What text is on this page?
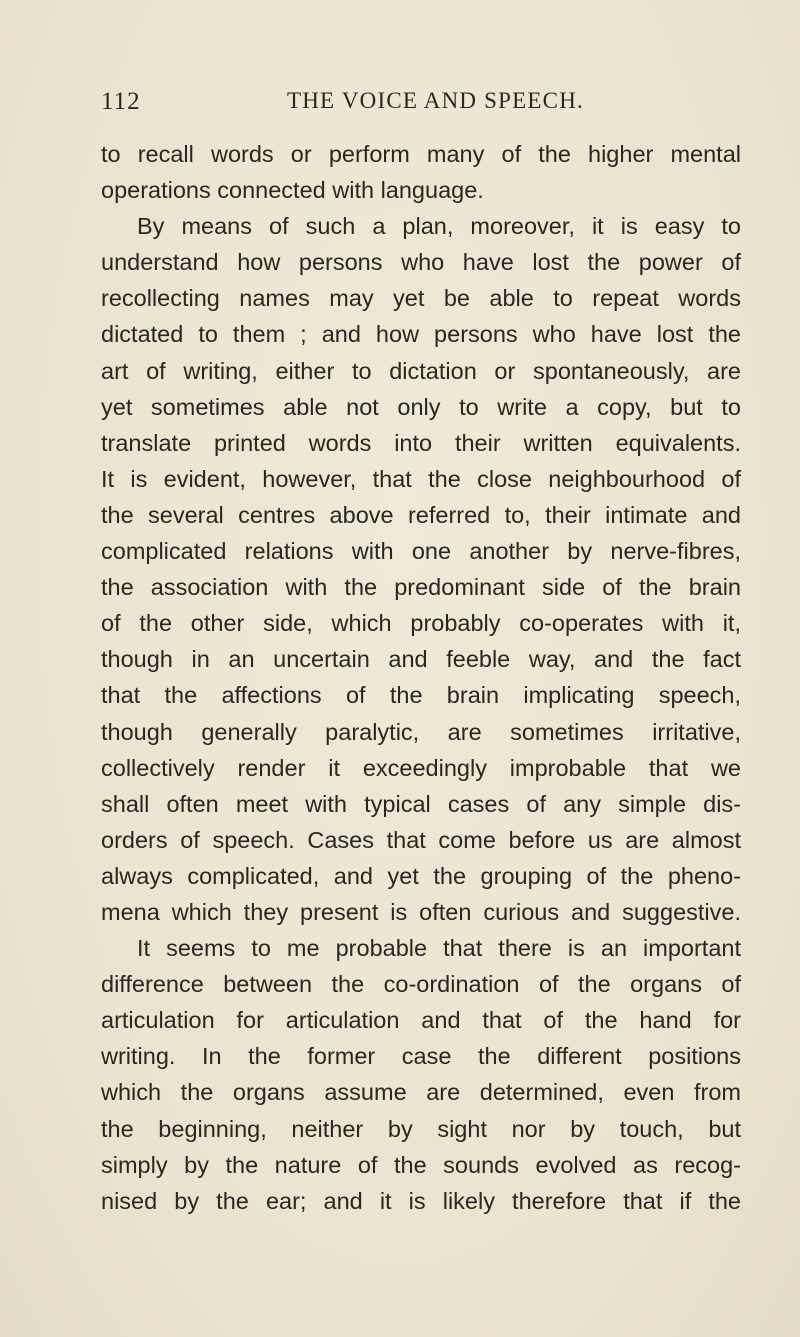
112	THE VOICE AND SPEECH.
to recall words or perform many of the higher mental
operations connected with language.
By means of such a plan, moreover, it is easy to
understand how persons who have lost the power of
recollecting names may yet be able to repeat words
dictated to them ; and how persons who have lost the
art of writing, either to dictation or spontaneously, are
yet sometimes able not only to write a copy, but to
translate printed words into their written equivalents.
It is evident, however, that the close neighbourhood of
the several centres above referred to, their intimate and
complicated relations with one another by nerve-fibres,
the association with the predominant side of the brain
of the other side, which probably co-operates with it,
though in an uncertain and feeble way, and the fact
that the affections of the brain implicating speech,
though generally paralytic, are sometimes irritative,
collectively render it exceedingly improbable that we
shall often meet with typical cases of any simple dis-
orders of speech. Cases that come before us are almost
always complicated, and yet the grouping of the pheno-
mena which they present is often curious and suggestive.
It seems to me probable that there is an important
difference between the co-ordination of the organs of
articulation for articulation and that of the hand for
writing. In the former case the different positions
which the organs assume are determined, even from
the beginning, neither by sight nor by touch, but
simply by the nature of the sounds evolved as recog-
nised by the ear; and it is likely therefore that if the
